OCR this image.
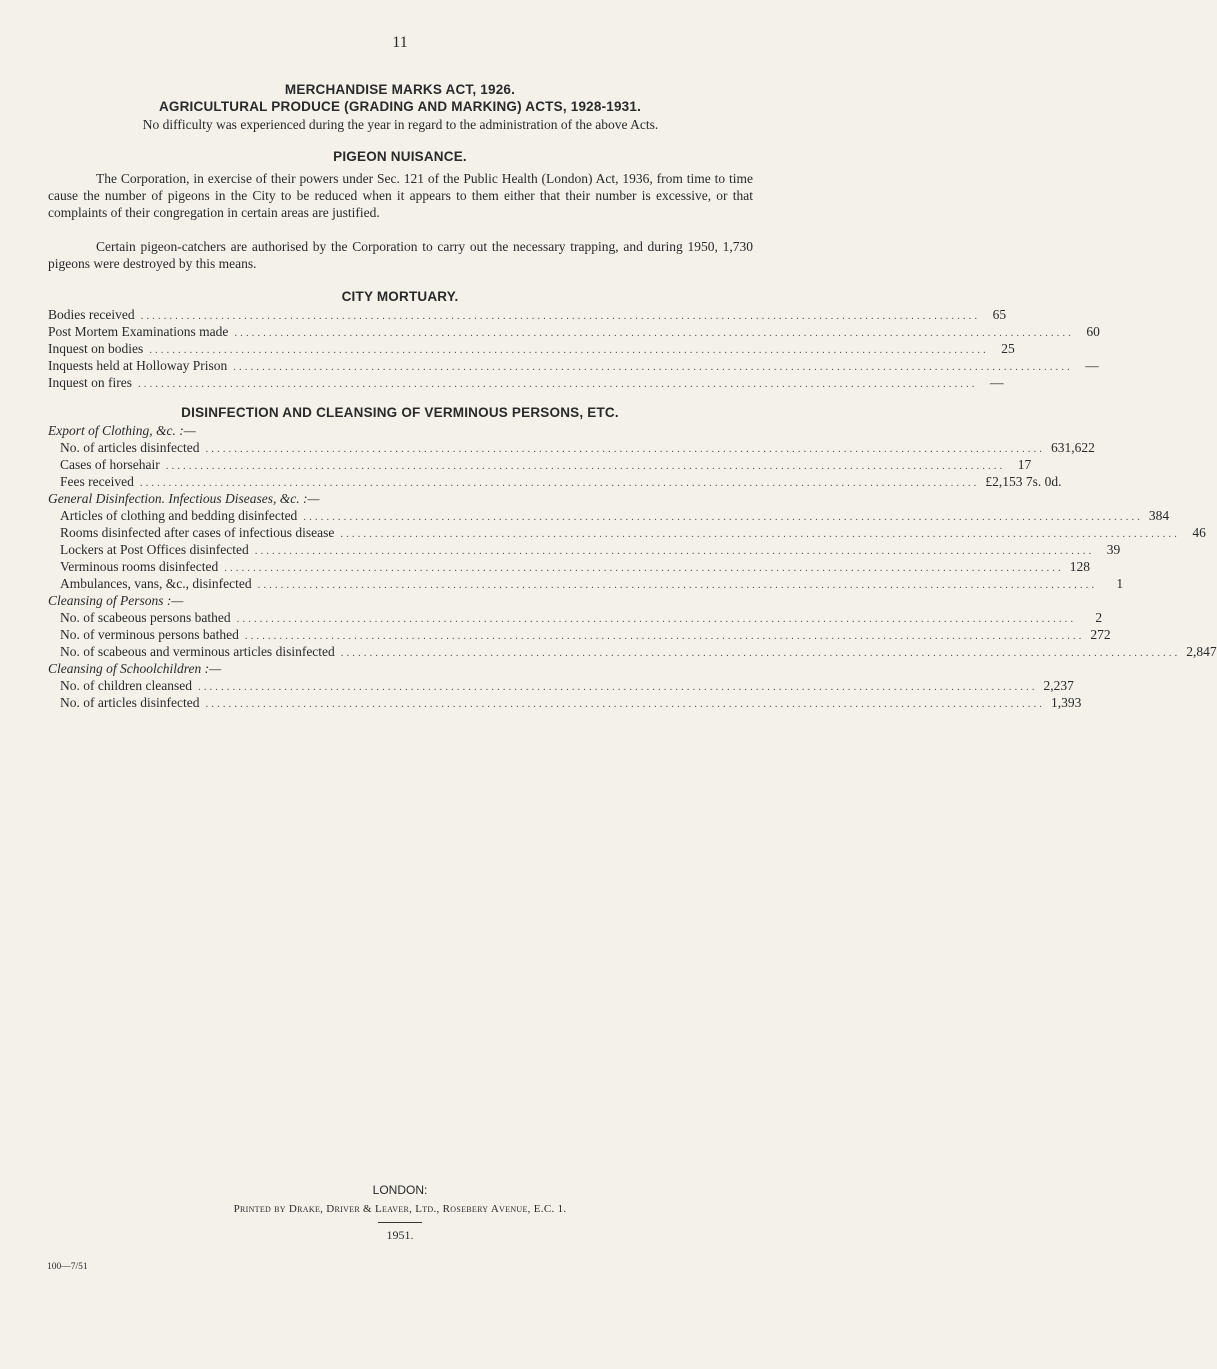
11
MERCHANDISE MARKS ACT, 1926.
AGRICULTURAL PRODUCE (GRADING AND MARKING) ACTS, 1928-1931.
No difficulty was experienced during the year in regard to the administration of the above Acts.
PIGEON NUISANCE.
The Corporation, in exercise of their powers under Sec. 121 of the Public Health (London) Act, 1936, from time to time cause the number of pigeons in the City to be reduced when it appears to them either that their number is excessive, or that complaints of their congregation in certain areas are justified.
Certain pigeon-catchers are authorised by the Corporation to carry out the necessary trapping, and during 1950, 1,730 pigeons were destroyed by this means.
CITY MORTUARY.
Bodies received .................................................................................................................................................. 65
Post Mortem Examinations made .................................................................................................................................................. 60
Inquest on bodies .................................................................................................................................................. 25
Inquests held at Holloway Prison .................................................................................................................................................. —
Inquest on fires .................................................................................................................................................. —
DISINFECTION AND CLEANSING OF VERMINOUS PERSONS, ETC.
Export of Clothing, &c. :—
No. of articles disinfected .................................................................................................................................................. 631,622
Cases of horsehair .................................................................................................................................................. 17
Fees received .................................................................................................................................................. £2,153 7s. 0d.
General Disinfection. Infectious Diseases, &c. :—
Articles of clothing and bedding disinfected .................................................................................................................................................. 384
Rooms disinfected after cases of infectious disease .................................................................................................................................................. 46
Lockers at Post Offices disinfected .................................................................................................................................................. 39
Verminous rooms disinfected .................................................................................................................................................. 128
Ambulances, vans, &c., disinfected ..................................................................................................................................................	1
Cleansing of Persons :—
No. of scabeous persons bathed ..................................................................................................................................................	2
No. of verminous persons bathed .................................................................................................................................................. 272
No. of scabeous and verminous articles disinfected .................................................................................................................................................. 2,847
Cleansing of Schoolchildren :—
No. of children cleansed .................................................................................................................................................. 2,237
No. of articles disinfected .................................................................................................................................................. 1,393
LONDON:
Printed by Drake, Driver & Leaver, Ltd., Rosebery Avenue, E.C. 1.
1951.
100—7/51
